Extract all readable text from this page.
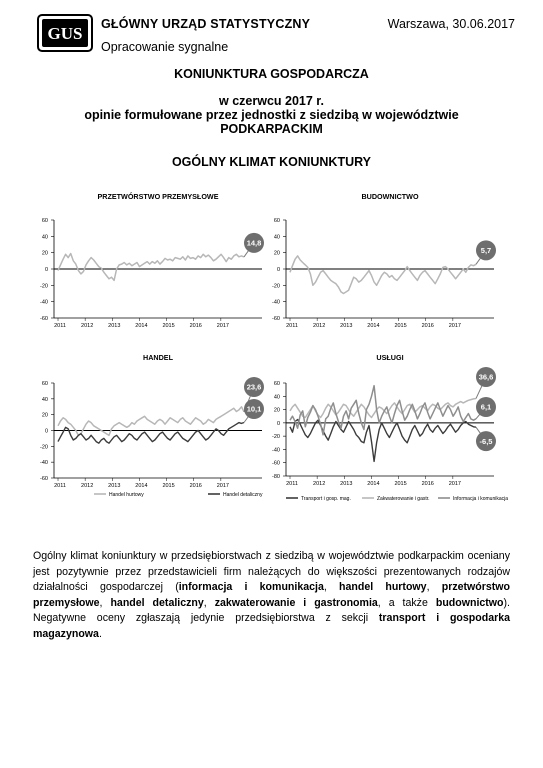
GUS GŁÓWNY URZĄD STATYSTYCZNY	Warszawa, 30.06.2017
Opracowanie sygnalne
KONIUNKTURA GOSPODARCZA
w czerwcu 2017 r.
opinie formułowane przez jednostki z siedzibą w województwie
PODKARPACKIM
OGÓLNY KLIMAT KONIUNKTURY
PRZETWÓRSTWO PRZEMYSŁOWE
60
40
20
0
-20
-40
-60
2011	2012	2013	2014	2015	2016	2017
14,8
BUDOWNICTWO
60
40
20
0
-20
-40
-60
2011	2012	2013	2014	2015	2016	2017
5,7
HANDEL
60
40
20
0
-20
-40
-60
2011	2012	2013	2014	2015	2016	2017
23,6
10,1
Handel hurtowy	Handel detaliczny
USŁUGI
60
40
20
0
-20
-40
-60
-80
2011	2012	2013	2014	2015	2016	2017
36,6
6,1
-6,5
Transport i gosp. mag.	Zakwaterowanie i gastr.	Informacja i komunikacja

Ogólny klimat koniunktury w przedsiębiorstwach z siedzibą w województwie podkarpackim oceniany jest pozytywnie przez przedstawicieli firm należących do większości prezentowanych rodzajów działalności gospodarczej (informacja i komunikacja, handel hurtowy, przetwórstwo przemysłowe, handel detaliczny, zakwaterowanie i gastronomia, a także budownictwo). Negatywne oceny zgłaszają jedynie przedsiębiorstwa z sekcji transport i gospodarka magazynowa.
